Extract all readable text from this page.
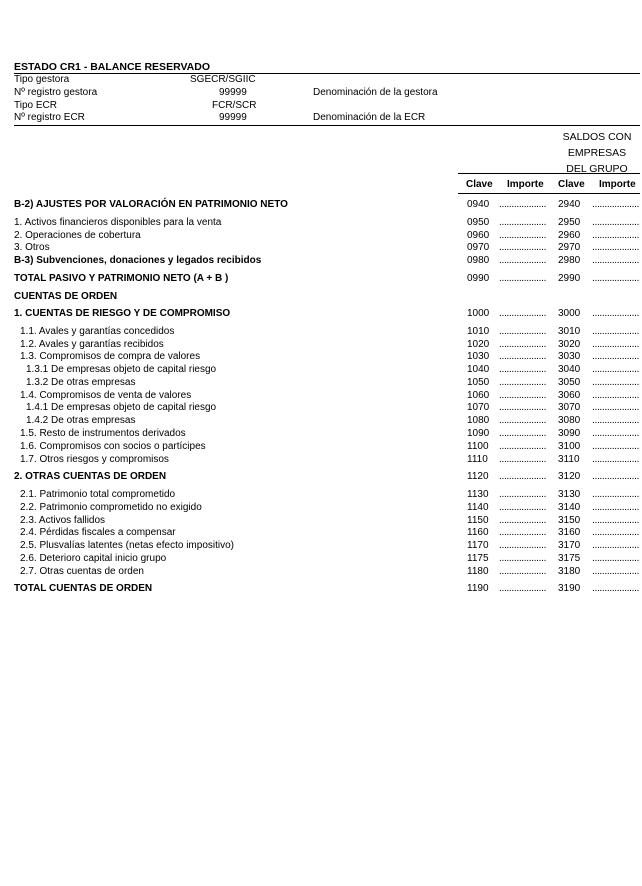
ESTADO CR1 - BALANCE RESERVADO
Tipo gestora	SGECR/SGIIC
Nº registro gestora	99999	Denominación de la gestora
Tipo ECR	FCR/SCR
Nº registro ECR	99999	Denominación de la ECR
SALDOS CON
EMPRESAS
DEL GRUPO
Clave Importe Clave Importe
B-2) AJUSTES POR VALORACIÓN EN PATRIMONIO NETO	0940 ................... 2940 ...................
1. Activos financieros disponibles para la venta	0950 ................... 2950 ...................
2. Operaciones de cobertura	0960 ................... 2960 ...................
3. Otros	0970 ................... 2970 ...................
B-3) Subvenciones, donaciones y legados recibidos	0980 ................... 2980 ...................
TOTAL PASIVO Y PATRIMONIO NETO (A + B )	0990 ................... 2990 ...................
CUENTAS DE ORDEN
1. CUENTAS DE RIESGO Y DE COMPROMISO	1000 ................... 3000 ...................
1.1. Avales y garantías concedidos	1010 ................... 3010 ...................
1.2. Avales y garantías recibidos	1020 ................... 3020 ...................
1.3. Compromisos de compra de valores	1030 ................... 3030 ...................
1.3.1 De empresas objeto de capital riesgo	1040 ................... 3040 ...................
1.3.2 De otras empresas	1050 ................... 3050 ...................
1.4. Compromisos de venta de valores	1060 ................... 3060 ...................
1.4.1 De empresas objeto de capital riesgo	1070 ................... 3070 ...................
1.4.2 De otras empresas	1080 ................... 3080 ...................
1.5. Resto de instrumentos derivados	1090 ................... 3090 ...................
1.6. Compromisos con socios o partícipes	1100 ................... 3100 ...................
1.7. Otros riesgos y compromisos	1110 ................... 3110 ...................
2. OTRAS CUENTAS DE ORDEN	1120 ................... 3120 ...................
2.1. Patrimonio total comprometido	1130 ................... 3130 ...................
2.2. Patrimonio comprometido no exigido	1140 ................... 3140 ...................
2.3. Activos fallidos	1150 ................... 3150 ...................
2.4. Pérdidas fiscales a compensar	1160 ................... 3160 ...................
2.5. Plusvalías latentes (netas efecto impositivo)	1170 ................... 3170 ...................
2.6. Deterioro capital inicio grupo	1175 ................... 3175 ...................
2.7. Otras cuentas de orden	1180 ................... 3180 ...................
TOTAL CUENTAS DE ORDEN	1190 ................... 3190 ...................
